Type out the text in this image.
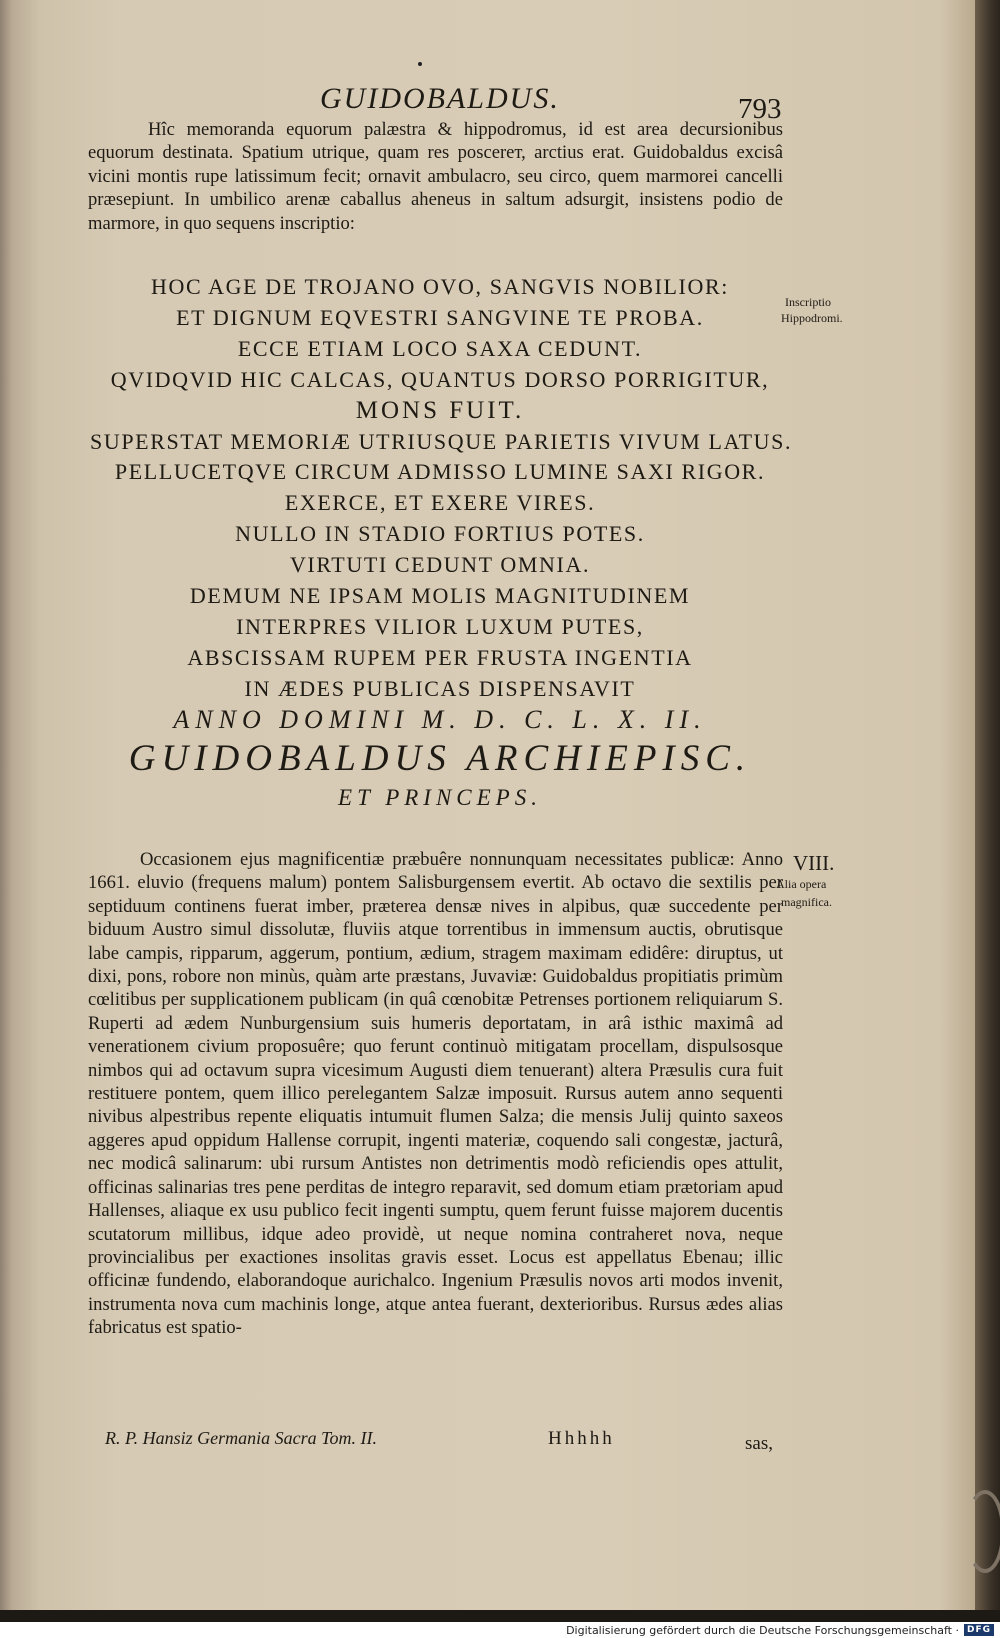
GUIDOBALDUS.	793
Hîc memoranda equorum palæstra & hippodromus, id est area decursionibus equorum destinata. Spatium utrique, quam res poscerет, arctius erat. Guidobaldus excisâ vicini montis rupe latissimum fecit; ornavit ambulacro, seu circo, quem marmorei cancelli præsepiunt. In umbilico arenæ caballus aheneus in saltum adsurgit, insistens podio de marmore, in quo sequens inscriptio:
HOC AGE DE TROJANO OVO, SANGVIS NOBILIOR:
ET DIGNUM EQVESTRI SANGVINE TE PROBA.
ECCE ETIAM LOCO SAXA CEDUNT.
QVIDQVID HIC CALCAS, QUANTUS DORSO PORRIGITUR,
MONS FUIT.
SUPERSTAT MEMORIÆ UTRIUSQUE PARIETIS VIVUM LATUS.
PELLUCETQVE CIRCUM ADMISSO LUMINE SAXI RIGOR.
EXERCE, ET EXERE VIRES.
NULLO IN STADIO FORTIUS POTES.
VIRTUTI CEDUNT OMNIA.
DEMUM NE IPSAM MOLIS MAGNITUDINEM
INTERPRES VILIOR LUXUM PUTES,
ABSCISSAM RUPEM PER FRUSTA INGENTIA
IN ÆDES PUBLICAS DISPENSAVIT
ANNO DOMINI M. D. C. L. X. II.
GUIDOBALDUS ARCHIEPISC.
ET PRINCEPS.
Inscriptio
Hippodromi.
VIII.
Alia opera
magnifica.
Occasionem ejus magnificentiæ præbuêre nonnunquam necessitates publicæ: Anno 1661. eluvio (frequens malum) pontem Salisburgensem evertit. Ab octavo die sextilis per septiduum continens fuerat imber, præterea densæ nives in alpibus, quæ succedente per biduum Austro simul dissolutæ, fluviis atque torrentibus in immensum auctis, obrutisque labe campis, ripparum, aggerum, pontium, ædium, stragem maximam edidêre: diruptus, ut dixi, pons, robore non minùs, quàm arte præstans, Juvaviæ: Guidobaldus propitiatis primùm cœlitibus per supplicationem publicam (in quâ cœnobitæ Petrenses portionem reliquiarum S. Ruperti ad ædem Nunburgensium suis humeris deportatam, in arâ isthic maximâ ad venerationem civium proposuêre; quo ferunt continuò mitigatam procellam, dispulsosque nimbos qui ad octavum supra vicesimum Augusti diem tenuerant) altera Præsulis cura fuit restituere pontem, quem illico perelegantem Salzæ imposuit. Rursus autem anno sequenti nivibus alpestribus repente eliquatis intumuit flumen Salza; die mensis Julij quinto saxeos aggeres apud oppidum Hallense corrupit, ingenti materiæ, coquendo sali congestæ, jacturâ, nec modicâ salinarum: ubi rursum Antistes non detrimentis modò reficiendis opes attulit, officinas salinarias tres pene perditas de integro reparavit, sed domum etiam prætoriam apud Hallenses, aliaque ex usu publico fecit ingenti sumptu, quem ferunt fuisse majorem ducentis scutatorum millibus, idque adeo providè, ut neque nomina contraheret nova, neque provincialibus per exactiones insolitas gravis esset. Locus est appellatus Ebenau; illic officinæ fundendo, elaborandoque aurichalco. Ingenium Præsulis novos arti modos invenit, instrumenta nova cum machinis longe, atque antea fuerant, dexterioribus. Rursus ædes alias fabricatus est spatio-
R. P. Hansiz Germania Sacra Tom. II.	Hhhhh	sas,
Digitalisierung gefördert durch die Deutsche Forschungsgemeinschaft · DFG
